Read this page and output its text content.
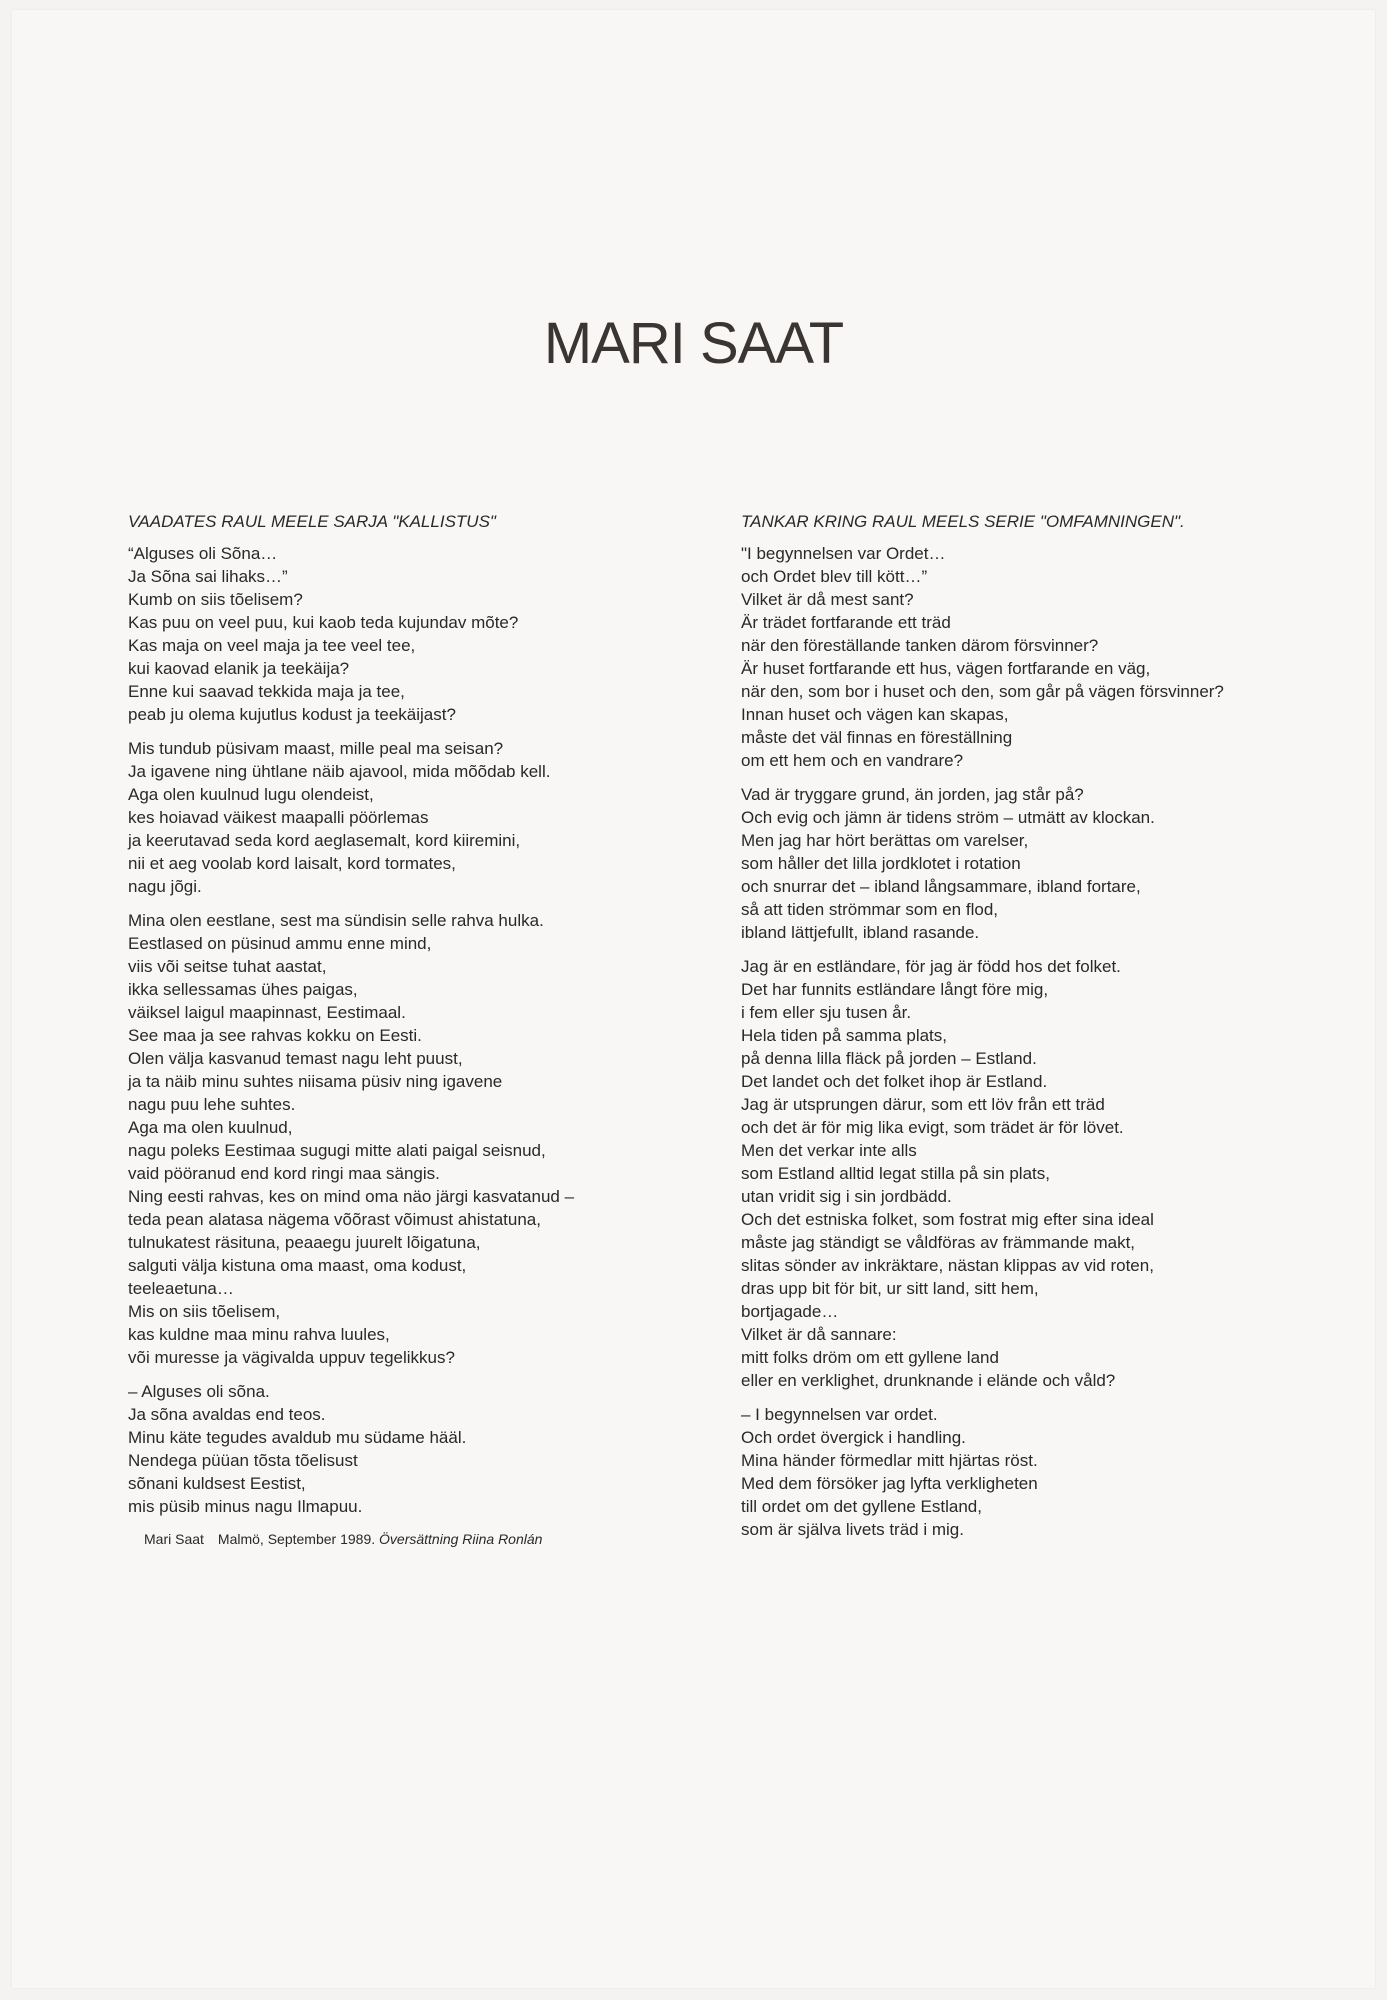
MARI SAAT
VAADATES RAUL MEELE SARJA "KALLISTUS"
“Alguses oli Sõna…
Ja Sõna sai lihaks…”
Kumb on siis tõelisem?
Kas puu on veel puu, kui kaob teda kujundav mõte?
Kas maja on veel maja ja tee veel tee,
kui kaovad elanik ja teekäija?
Enne kui saavad tekkida maja ja tee,
peab ju olema kujutlus kodust ja teekäijast?
Mis tundub püsivam maast, mille peal ma seisan?
Ja igavene ning ühtlane näib ajavool, mida mõõdab kell.
Aga olen kuulnud lugu olendeist,
kes hoiavad väikest maapalli pöörlemas
ja keerutavad seda kord aeglasemalt, kord kiiremini,
nii et aeg voolab kord laisalt, kord tormates,
nagu jõgi.
Mina olen eestlane, sest ma sündisin selle rahva hulka.
Eestlased on püsinud ammu enne mind,
viis või seitse tuhat aastat,
ikka sellessamas ühes paigas,
väiksel laigul maapinnast, Eestimaal.
See maa ja see rahvas kokku on Eesti.
Olen välja kasvanud temast nagu leht puust,
ja ta näib minu suhtes niisama püsiv ning igavene
nagu puu lehe suhtes.
Aga ma olen kuulnud,
nagu poleks Eestimaa sugugi mitte alati paigal seisnud,
vaid pööranud end kord ringi maa sängis.
Ning eesti rahvas, kes on mind oma näo järgi kasvatanud –
teda pean alatasa nägema võõrast võimust ahistatuna,
tulnukatest räsituna, peaaegu juurelt lõigatuna,
salguti välja kistuna oma maast, oma kodust,
teeleaetuna…
Mis on siis tõelisem,
kas kuldne maa minu rahva luules,
või muresse ja vägivalda uppuv tegelikkus?
– Alguses oli sõna.
Ja sõna avaldas end teos.
Minu käte tegudes avaldub mu südame hääl.
Nendega püüan tõsta tõelisust
sõnani kuldsest Eestist,
mis püsib minus nagu Ilmapuu.
Mari Saat Malmö, September 1989. Översättning Riina Ronlán
TANKAR KRING RAUL MEELS SERIE "OMFAMNINGEN".
"I begynnelsen var Ordet…
och Ordet blev till kött…”
Vilket är då mest sant?
Är trädet fortfarande ett träd
när den föreställande tanken därom försvinner?
Är huset fortfarande ett hus, vägen fortfarande en väg,
när den, som bor i huset och den, som går på vägen försvinner?
Innan huset och vägen kan skapas,
måste det väl finnas en föreställning
om ett hem och en vandrare?
Vad är tryggare grund, än jorden, jag står på?
Och evig och jämn är tidens ström – utmätt av klockan.
Men jag har hört berättas om varelser,
som håller det lilla jordklotet i rotation
och snurrar det – ibland långsammare, ibland fortare,
så att tiden strömmar som en flod,
ibland lättjefullt, ibland rasande.
Jag är en estländare, för jag är född hos det folket.
Det har funnits estländare långt före mig,
i fem eller sju tusen år.
Hela tiden på samma plats,
på denna lilla fläck på jorden – Estland.
Det landet och det folket ihop är Estland.
Jag är utsprungen därur, som ett löv från ett träd
och det är för mig lika evigt, som trädet är för lövet.
Men det verkar inte alls
som Estland alltid legat stilla på sin plats,
utan vridit sig i sin jordbädd.
Och det estniska folket, som fostrat mig efter sina ideal
måste jag ständigt se våldföras av främmande makt,
slitas sönder av inkräktare, nästan klippas av vid roten,
dras upp bit för bit, ur sitt land, sitt hem,
bortjagade…
Vilket är då sannare:
mitt folks dröm om ett gyllene land
eller en verklighet, drunknande i elände och våld?
– I begynnelsen var ordet.
Och ordet övergick i handling.
Mina händer förmedlar mitt hjärtas röst.
Med dem försöker jag lyfta verkligheten
till ordet om det gyllene Estland,
som är själva livets träd i mig.
